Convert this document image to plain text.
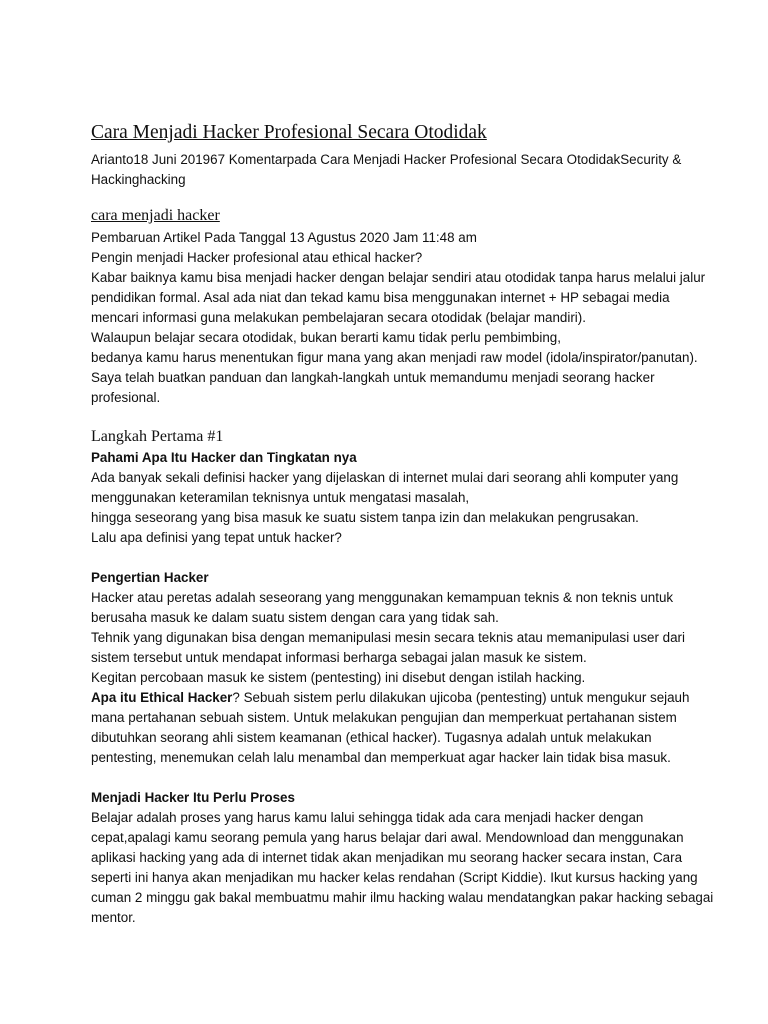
Cara Menjadi Hacker Profesional Secara Otodidak
Arianto18 Juni 201967 Komentarpada Cara Menjadi Hacker Profesional Secara OtodidakSecurity &
Hackinghacking
cara menjadi hacker
Pembaruan Artikel Pada Tanggal 13 Agustus 2020 Jam 11:48 am
Pengin menjadi Hacker profesional atau ethical hacker?
Kabar baiknya kamu bisa menjadi hacker dengan belajar sendiri atau otodidak tanpa harus melalui jalur
pendidikan formal. Asal ada niat dan tekad kamu bisa menggunakan internet + HP sebagai media
mencari informasi guna melakukan pembelajaran secara otodidak (belajar mandiri).
Walaupun belajar secara otodidak, bukan berarti kamu tidak perlu pembimbing,
bedanya kamu harus menentukan figur mana yang akan menjadi raw model (idola/inspirator/panutan).
Saya telah buatkan panduan dan langkah-langkah untuk memandumu menjadi seorang hacker
profesional.
Langkah Pertama #1
Pahami Apa Itu Hacker dan Tingkatan nya
Ada banyak sekali definisi hacker yang dijelaskan di internet mulai dari seorang ahli komputer yang
menggunakan keteramilan teknisnya untuk mengatasi masalah,
hingga seseorang yang bisa masuk ke suatu sistem tanpa izin dan melakukan pengrusakan.
Lalu apa definisi yang tepat untuk hacker?
Pengertian Hacker
Hacker atau peretas adalah seseorang yang menggunakan kemampuan teknis & non teknis untuk
berusaha masuk ke dalam suatu sistem dengan cara yang tidak sah.
Tehnik yang digunakan bisa dengan memanipulasi mesin secara teknis atau memanipulasi user dari
sistem tersebut untuk mendapat informasi berharga sebagai jalan masuk ke sistem.
Kegitan percobaan masuk ke sistem (pentesting) ini disebut dengan istilah hacking.
Apa itu Ethical Hacker? Sebuah sistem perlu dilakukan ujicoba (pentesting) untuk mengukur sejauh
mana pertahanan sebuah sistem. Untuk melakukan pengujian dan memperkuat pertahanan sistem
dibutuhkan seorang ahli sistem keamanan (ethical hacker). Tugasnya adalah untuk melakukan
pentesting, menemukan celah lalu menambal dan memperkuat agar hacker lain tidak bisa masuk.
Menjadi Hacker Itu Perlu Proses
Belajar adalah proses yang harus kamu lalui sehingga tidak ada cara menjadi hacker dengan
cepat,apalagi kamu seorang pemula yang harus belajar dari awal. Mendownload dan menggunakan
aplikasi hacking yang ada di internet tidak akan menjadikan mu seorang hacker secara instan, Cara
seperti ini hanya akan menjadikan mu hacker kelas rendahan (Script Kiddie). Ikut kursus hacking yang
cuman 2 minggu gak bakal membuatmu mahir ilmu hacking walau mendatangkan pakar hacking sebagai
mentor.
